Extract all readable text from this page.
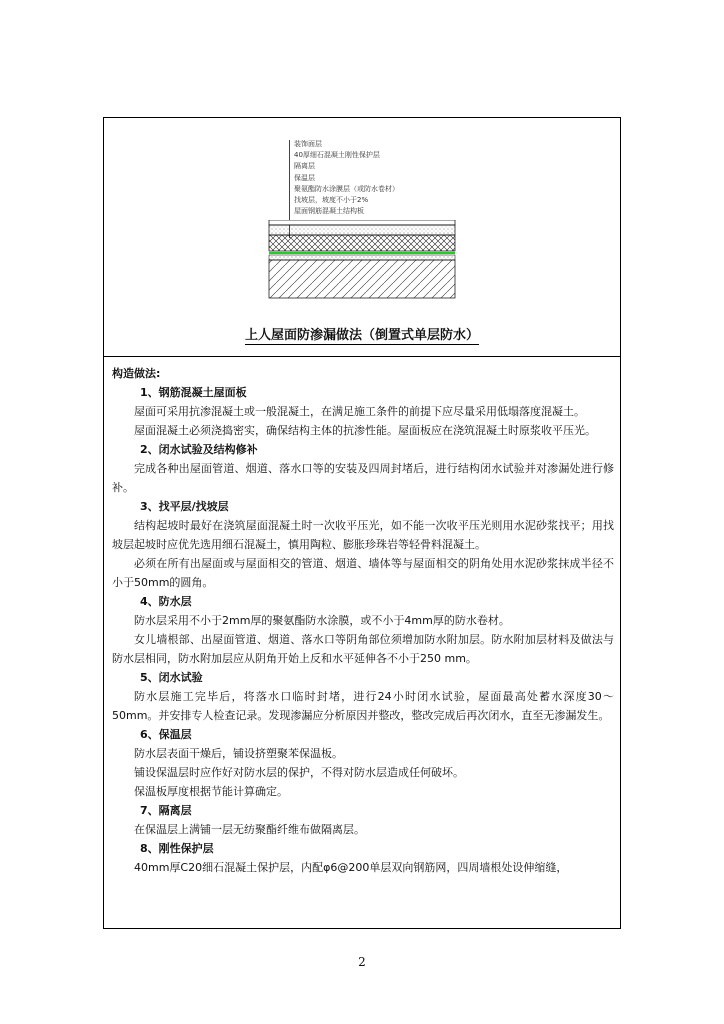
装饰面层
40厚细石混凝土刚性保护层
隔离层
保温层
聚氨酯防水涂膜层（或防水卷材）
找坡层，坡度不小于2%
屋面钢筋混凝土结构板
上人屋面防渗漏做法（倒置式单层防水）
构造做法:
1、钢筋混凝土屋面板
屋面可采用抗渗混凝土或一般混凝土，在满足施工条件的前提下应尽量采用低塌落度混凝土。
屋面混凝土必须浇捣密实，确保结构主体的抗渗性能。屋面板应在浇筑混凝土时原浆收平压光。
2、闭水试验及结构修补
完成各种出屋面管道、烟道、落水口等的安装及四周封堵后，进行结构闭水试验并对渗漏处进行修补。
3、找平层/找坡层
结构起坡时最好在浇筑屋面混凝土时一次收平压光，如不能一次收平压光则用水泥砂浆找平；用找坡层起坡时应优先选用细石混凝土，慎用陶粒、膨胀珍珠岩等轻骨料混凝土。
必须在所有出屋面或与屋面相交的管道、烟道、墙体等与屋面相交的阴角处用水泥砂浆抹成半径不小于50mm的圆角。
4、防水层
防水层采用不小于2mm厚的聚氨酯防水涂膜，或不小于4mm厚的防水卷材。
女儿墙根部、出屋面管道、烟道、落水口等阴角部位须增加防水附加层。防水附加层材料及做法与防水层相同，防水附加层应从阴角开始上反和水平延伸各不小于250 mm。
5、闭水试验
防水层施工完毕后，将落水口临时封堵，进行24小时闭水试验，屋面最高处蓄水深度30～50mm。并安排专人检查记录。发现渗漏应分析原因并整改，整改完成后再次闭水，直至无渗漏发生。
6、保温层
防水层表面干燥后，铺设挤塑聚苯保温板。
铺设保温层时应作好对防水层的保护，不得对防水层造成任何破坏。
保温板厚度根据节能计算确定。
7、隔离层
在保温层上满铺一层无纺聚酯纤维布做隔离层。
8、刚性保护层
40mm厚C20细石混凝土保护层，内配φ6@200单层双向钢筋网，四周墙根处设伸缩缝，
2
